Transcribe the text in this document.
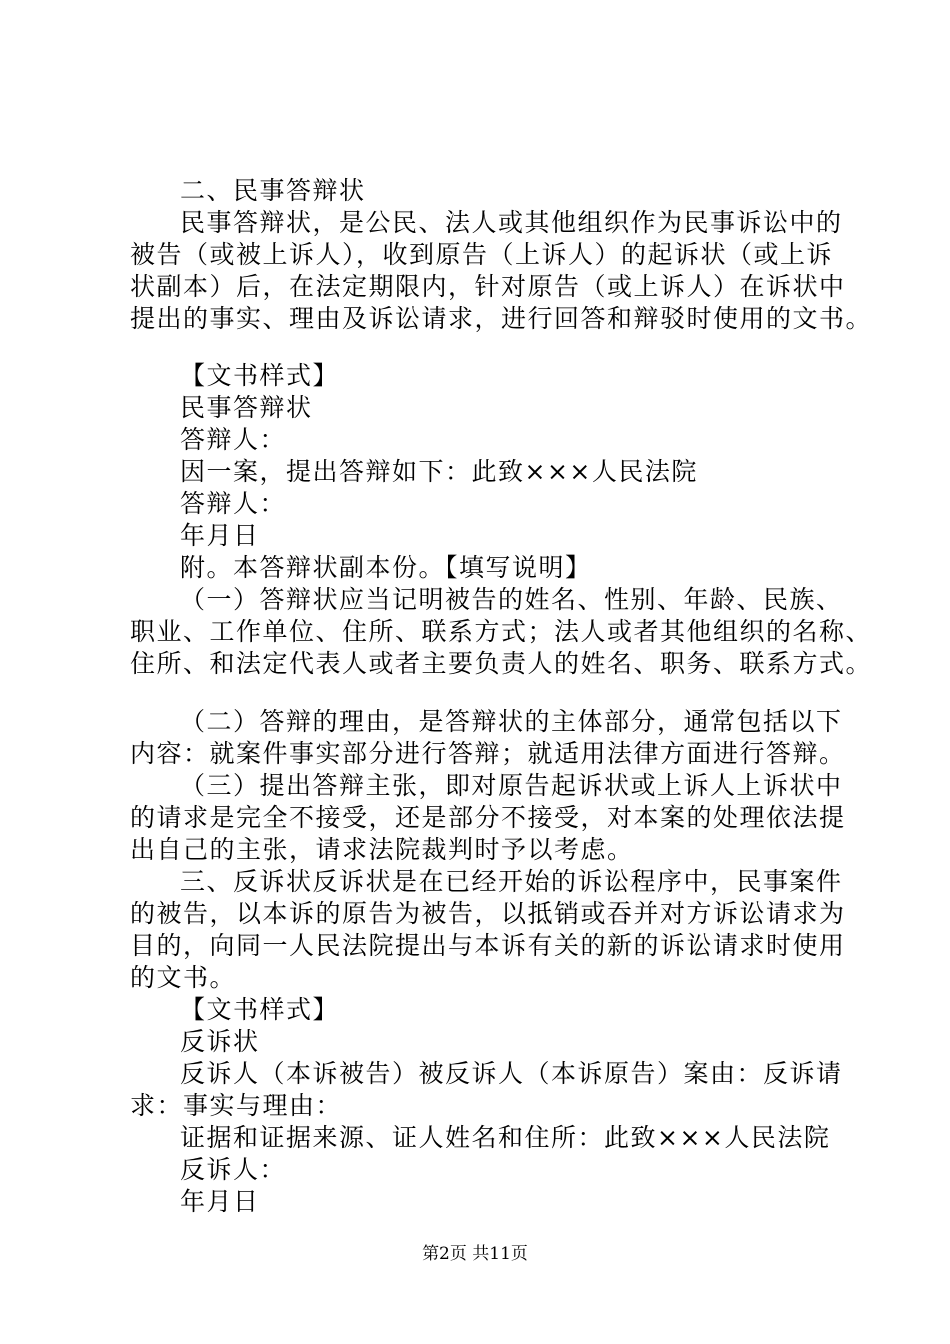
二、民事答辩状
民事答辩状，是公民、法人或其他组织作为民事诉讼中的
被告（或被上诉人），收到原告（上诉人）的起诉状（或上诉
状副本）后，在法定期限内，针对原告（或上诉人）在诉状中
提出的事实、理由及诉讼请求，进行回答和辩驳时使用的文书。
【文书样式】
民事答辩状
答辩人：
因一案，提出答辩如下：此致×××人民法院
答辩人：
年月日
附。本答辩状副本份。【填写说明】
（一）答辩状应当记明被告的姓名、性别、年龄、民族、
职业、工作单位、住所、联系方式；法人或者其他组织的名称、
住所、和法定代表人或者主要负责人的姓名、职务、联系方式。
（二）答辩的理由，是答辩状的主体部分，通常包括以下
内容：就案件事实部分进行答辩；就适用法律方面进行答辩。
（三）提出答辩主张，即对原告起诉状或上诉人上诉状中
的请求是完全不接受，还是部分不接受，对本案的处理依法提
出自己的主张，请求法院裁判时予以考虑。
三、反诉状反诉状是在已经开始的诉讼程序中，民事案件
的被告，以本诉的原告为被告，以抵销或吞并对方诉讼请求为
目的，向同一人民法院提出与本诉有关的新的诉讼请求时使用
的文书。
【文书样式】
反诉状
反诉人（本诉被告）被反诉人（本诉原告）案由：反诉请
求：事实与理由：
证据和证据来源、证人姓名和住所：此致×××人民法院
反诉人：
年月日
第2页 共11页
